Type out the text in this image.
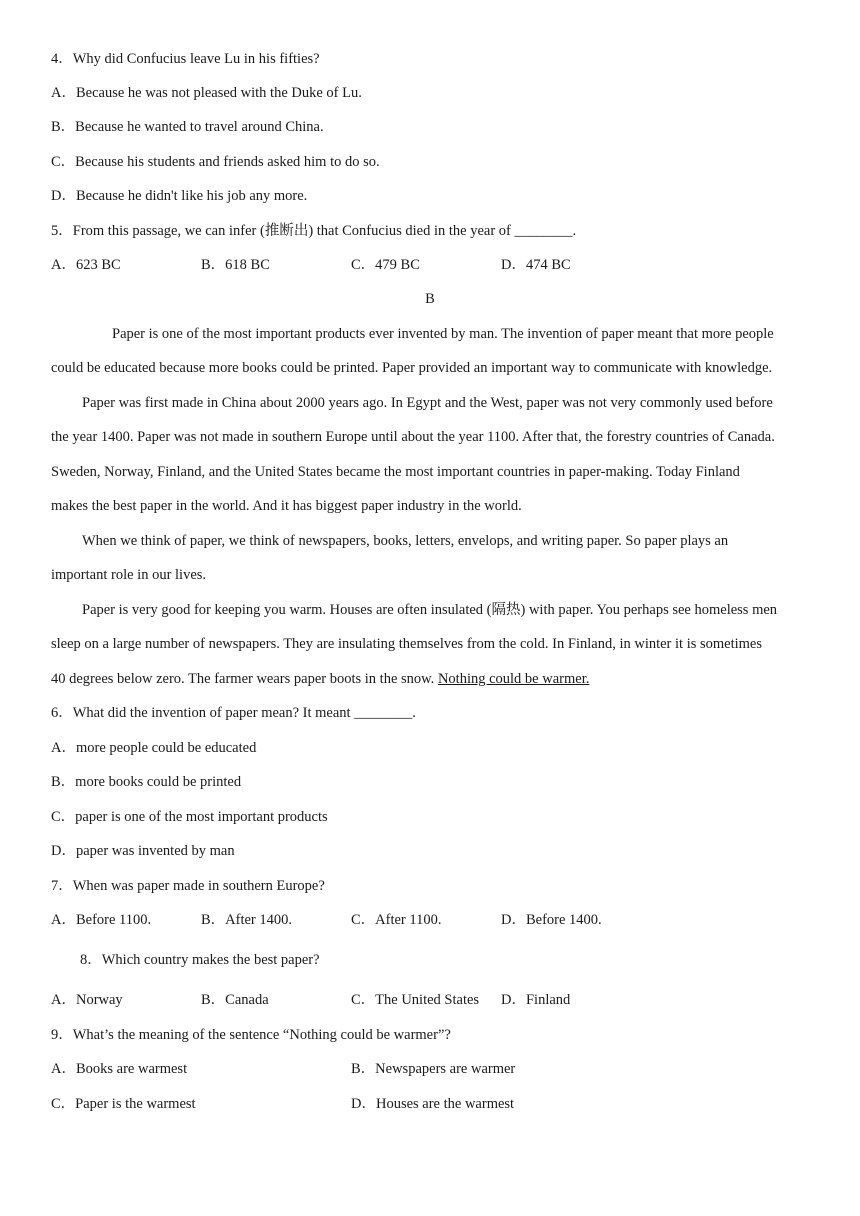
4．Why did Confucius leave Lu in his fifties?
A．Because he was not pleased with the Duke of Lu.
B．Because he wanted to travel around China.
C．Because his students and friends asked him to do so.
D．Because he didn't like his job any more.
5．From this passage, we can infer (推断出) that Confucius died in the year of ________.
A．623 BC	B．618 BC	C．479 BC	D．474 BC
B
Paper is one of the most important products ever invented by man. The invention of paper meant that more people
could be educated because more books could be printed. Paper provided an important way to communicate with knowledge.
Paper was first made in China about 2000 years ago. In Egypt and the West, paper was not very commonly used before
the year 1400. Paper was not made in southern Europe until about the year 1100. After that, the forestry countries of Canada.
Sweden, Norway, Finland, and the United States became the most important countries in paper-making. Today Finland
makes the best paper in the world. And it has biggest paper industry in the world.
When we think of paper, we think of newspapers, books, letters, envelops, and writing paper. So paper plays an
important role in our lives.
Paper is very good for keeping you warm. Houses are often insulated (隔热) with paper. You perhaps see homeless men
sleep on a large number of newspapers. They are insulating themselves from the cold. In Finland, in winter it is sometimes
40 degrees below zero. The farmer wears paper boots in the snow. Nothing could be warmer.
6．What did the invention of paper mean? It meant ________.
A．more people could be educated
B．more books could be printed
C．paper is one of the most important products
D．paper was invented by man
7．When was paper made in southern Europe?
A．Before 1100.	B．After 1400.	C．After 1100.	D．Before 1400.
8．Which country makes the best paper?
A．Norway	B．Canada	C．The United States D．Finland
9．What’s the meaning of the sentence “Nothing could be warmer”?
A．Books are warmest	B．Newspapers are warmer
C．Paper is the warmest	D．Houses are the warmest
